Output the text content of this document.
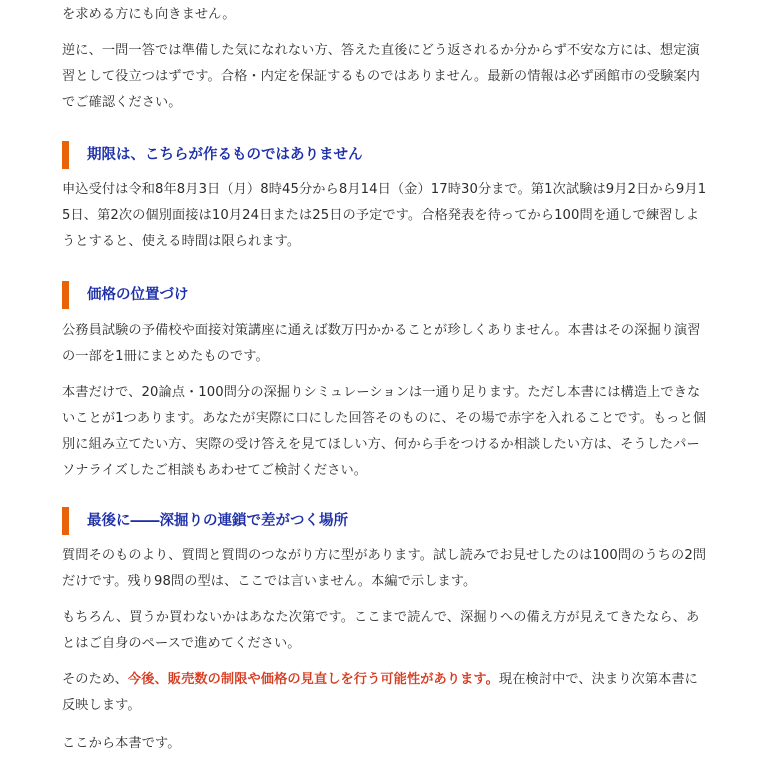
を求める方にも向きません。

逆に、一問一答では準備した気になれない方、答えた直後にどう返されるか分からず不安な方には、想定演習として役立つはずです。合格・内定を保証するものではありません。最新の情報は必ず函館市の受験案内でご確認ください。

期限は、こちらが作るものではありません

申込受付は令和8年8月3日（月）8時45分から8月14日（金）17時30分まで。第1次試験は9月2日から9月15日、第2次の個別面接は10月24日または25日の予定です。合格発表を待ってから100問を通しで練習しようとすると、使える時間は限られます。

価格の位置づけ

公務員試験の予備校や面接対策講座に通えば数万円かかることが珍しくありません。本書はその深掘り演習の一部を1冊にまとめたものです。

本書だけで、20論点・100問分の深掘りシミュレーションは一通り足ります。ただし本書には構造上できないことが1つあります。あなたが実際に口にした回答そのものに、その場で赤字を入れることです。もっと個別に組み立てたい方、実際の受け答えを見てほしい方、何から手をつけるか相談したい方は、そうしたパーソナライズしたご相談もあわせてご検討ください。

最後に――深掘りの連鎖で差がつく場所

質問そのものより、質問と質問のつながり方に型があります。試し読みでお見せしたのは100問のうちの2問だけです。残り98問の型は、ここでは言いません。本編で示します。

もちろん、買うか買わないかはあなた次第です。ここまで読んで、深掘りへの備え方が見えてきたなら、あとはご自身のペースで進めてください。

そのため、今後、販売数の制限や価格の見直しを行う可能性があります。現在検討中で、決まり次第本書に反映します。

ここから本書です。
